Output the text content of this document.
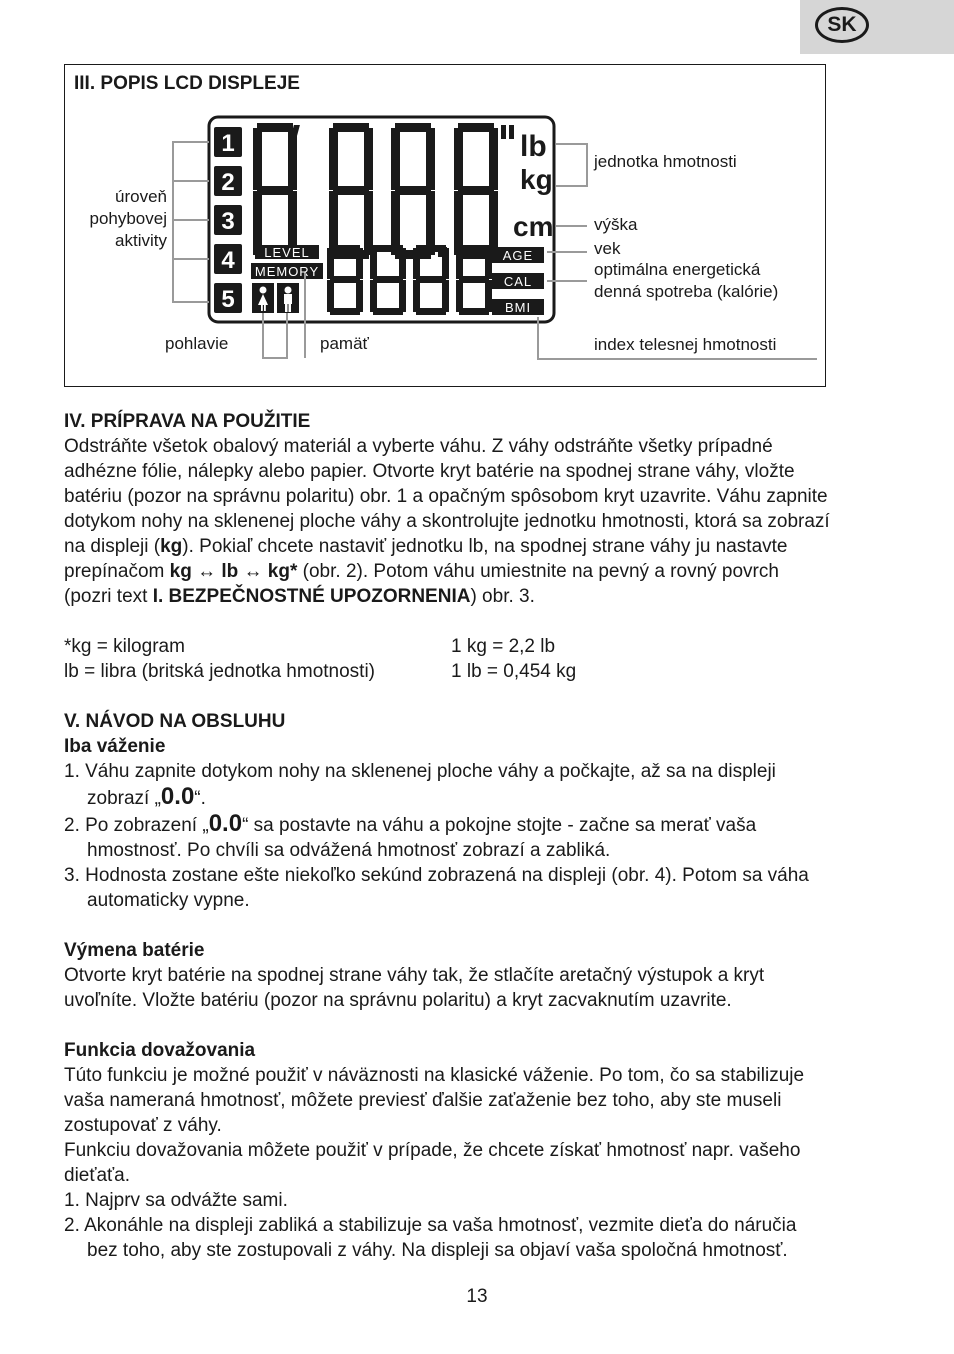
SK
III. POPIS LCD DISPLEJE
1
2
3
4
5
lb
kg
cm
LEVEL
MEMORY
AGE
CAL
BMI
úroveň
pohybovej
aktivity
jednotka hmotnosti
výška
vek
optimálna energetická
denná spotreba (kalórie)
pohlavie	pamäť	index telesnej hmotnosti
IV. PRÍPRAVA NA POUŽITIE
Odstráňte všetok obalový materiál a vyberte váhu. Z váhy odstráňte všetky prípadné
adhézne fólie, nálepky alebo papier. Otvorte kryt batérie na spodnej strane váhy, vložte
batériu (pozor na správnu polaritu) obr. 1 a opačným spôsobom kryt uzavrite. Váhu zapnite
dotykom nohy na sklenenej ploche váhy a skontrolujte jednotku hmotnosti, ktorá sa zobrazí
na displeji (kg). Pokiaľ chcete nastaviť jednotku lb, na spodnej strane váhy ju nastavte
prepínačom kg ↔ lb ↔ kg* (obr. 2). Potom váhu umiestnite na pevný a rovný povrch
(pozri text I. BEZPEČNOSTNÉ UPOZORNENIA) obr. 3.
*kg = kilogram	1 kg = 2,2 lb
lb = libra (britská jednotka hmotnosti)	1 lb = 0,454 kg
V. NÁVOD NA OBSLUHU
Iba váženie
1. Váhu zapnite dotykom nohy na sklenenej ploche váhy a počkajte, až sa na displeji
zobrazí „0.0“.
2. Po zobrazení „0.0“ sa postavte na váhu a pokojne stojte - začne sa merať vaša
hmostnosť. Po chvíli sa odvážená hmotnosť zobrazí a zabliká.
3. Hodnosta zostane ešte niekoľko sekúnd zobrazená na displeji (obr. 4). Potom sa váha
automaticky vypne.
Výmena batérie
Otvorte kryt batérie na spodnej strane váhy tak, že stlačíte aretačný výstupok a kryt
uvoľníte. Vložte batériu (pozor na správnu polaritu) a kryt zacvaknutím uzavrite.
Funkcia dovažovania
Túto funkciu je možné použiť v náväznosti na klasické váženie. Po tom, čo sa stabilizuje
vaša nameraná hmotnosť, môžete previesť ďalšie zaťaženie bez toho, aby ste museli
zostupovať z váhy.
Funkciu dovažovania môžete použiť v prípade, že chcete získať hmotnosť napr. vašeho
dieťaťa.
1. Najprv sa odvážte sami.
2. Akonáhle na displeji zabliká a stabilizuje sa vaša hmotnosť, vezmite dieťa do náručia
bez toho, aby ste zostupovali z váhy. Na displeji sa objaví vaša spoločná hmotnosť.
13
